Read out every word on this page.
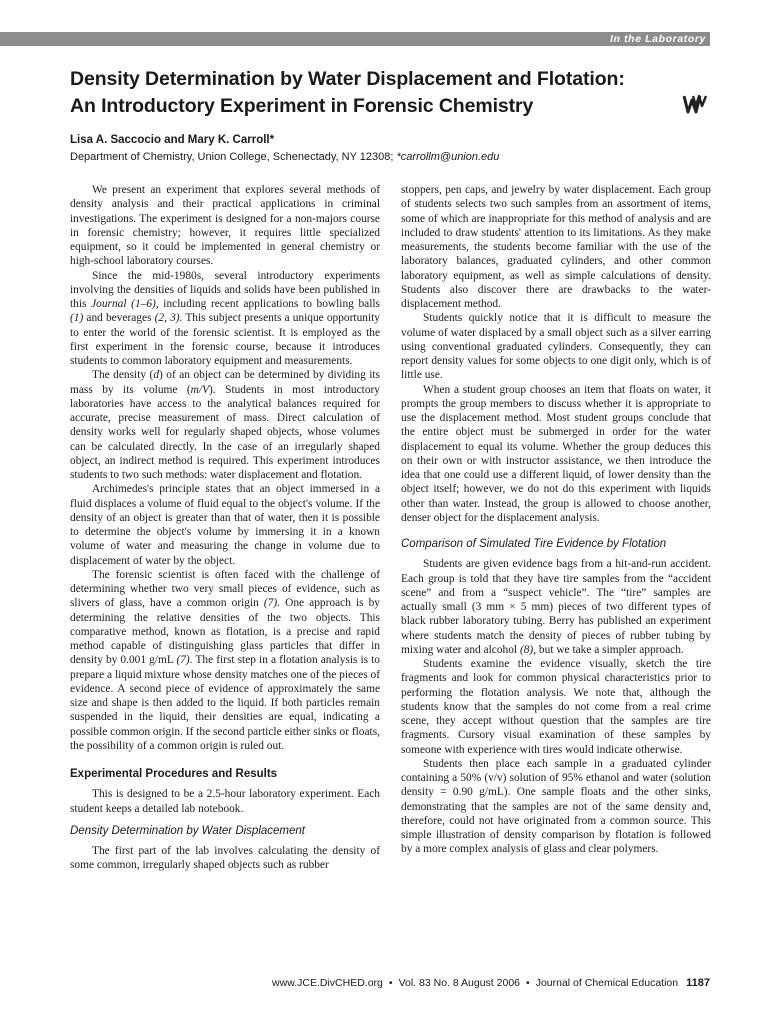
In the Laboratory
Density Determination by Water Displacement and Flotation:
An Introductory Experiment in Forensic Chemistry
Lisa A. Saccocio and Mary K. Carroll*
Department of Chemistry, Union College, Schenectady, NY 12308; *carrollm@union.edu

We present an experiment that explores several methods of density analysis and their practical applications in criminal investigations. The experiment is designed for a non-majors course in forensic chemistry; however, it requires little specialized equipment, so it could be implemented in general chemistry or high-school laboratory courses.

Since the mid-1980s, several introductory experiments involving the densities of liquids and solids have been published in this Journal (1–6), including recent applications to bowling balls (1) and beverages (2, 3). This subject presents a unique opportunity to enter the world of the forensic scientist. It is employed as the first experiment in the forensic course, because it introduces students to common laboratory equipment and measurements.

The density (d) of an object can be determined by dividing its mass by its volume (m/V). Students in most introductory laboratories have access to the analytical balances required for accurate, precise measurement of mass. Direct calculation of density works well for regularly shaped objects, whose volumes can be calculated directly. In the case of an irregularly shaped object, an indirect method is required. This experiment introduces students to two such methods: water displacement and flotation.

Archimedes's principle states that an object immersed in a fluid displaces a volume of fluid equal to the object's volume. If the density of an object is greater than that of water, then it is possible to determine the object's volume by immersing it in a known volume of water and measuring the change in volume due to displacement of water by the object.

The forensic scientist is often faced with the challenge of determining whether two very small pieces of evidence, such as slivers of glass, have a common origin (7). One approach is by determining the relative densities of the two objects. This comparative method, known as flotation, is a precise and rapid method capable of distinguishing glass particles that differ in density by 0.001 g/mL (7). The first step in a flotation analysis is to prepare a liquid mixture whose density matches one of the pieces of evidence. A second piece of evidence of approximately the same size and shape is then added to the liquid. If both particles remain suspended in the liquid, their densities are equal, indicating a possible common origin. If the second particle either sinks or floats, the possibility of a common origin is ruled out.

Experimental Procedures and Results

This is designed to be a 2.5-hour laboratory experiment. Each student keeps a detailed lab notebook.

Density Determination by Water Displacement

The first part of the lab involves calculating the density of some common, irregularly shaped objects such as rubber

stoppers, pen caps, and jewelry by water displacement. Each group of students selects two such samples from an assortment of items, some of which are inappropriate for this method of analysis and are included to draw students' attention to its limitations. As they make measurements, the students become familiar with the use of the laboratory balances, graduated cylinders, and other common laboratory equipment, as well as simple calculations of density. Students also discover there are drawbacks to the water-displacement method.

Students quickly notice that it is difficult to measure the volume of water displaced by a small object such as a silver earring using conventional graduated cylinders. Consequently, they can report density values for some objects to one digit only, which is of little use.

When a student group chooses an item that floats on water, it prompts the group members to discuss whether it is appropriate to use the displacement method. Most student groups conclude that the entire object must be submerged in order for the water displacement to equal its volume. Whether the group deduces this on their own or with instructor assistance, we then introduce the idea that one could use a different liquid, of lower density than the object itself; however, we do not do this experiment with liquids other than water. Instead, the group is allowed to choose another, denser object for the displacement analysis.

Comparison of Simulated Tire Evidence by Flotation

Students are given evidence bags from a hit-and-run accident. Each group is told that they have tire samples from the “accident scene” and from a “suspect vehicle”. The “tire” samples are actually small (3 mm × 5 mm) pieces of two different types of black rubber laboratory tubing. Berry has published an experiment where students match the density of pieces of rubber tubing by mixing water and alcohol (8), but we take a simpler approach.

Students examine the evidence visually, sketch the tire fragments and look for common physical characteristics prior to performing the flotation analysis. We note that, although the students know that the samples do not come from a real crime scene, they accept without question that the samples are tire fragments. Cursory visual examination of these samples by someone with experience with tires would indicate otherwise.

Students then place each sample in a graduated cylinder containing a 50% (v/v) solution of 95% ethanol and water (solution density = 0.90 g/mL). One sample floats and the other sinks, demonstrating that the samples are not of the same density and, therefore, could not have originated from a common source. This simple illustration of density comparison by flotation is followed by a more complex analysis of glass and clear polymers.

www.JCE.DivCHED.org • Vol. 83 No. 8 August 2006 • Journal of Chemical Education 1187
